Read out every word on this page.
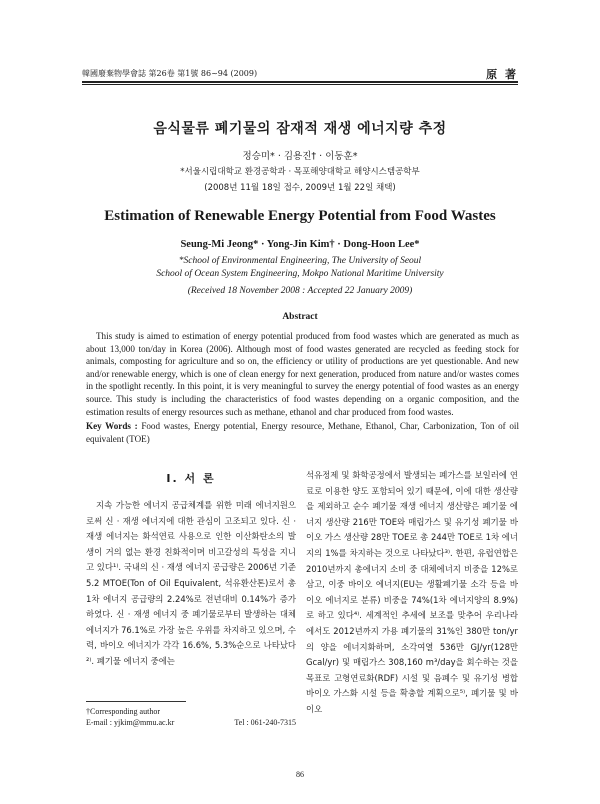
韓國廢棄物學會誌 第26卷 第1號 86~94 (2009)	原 著
음식물류 폐기물의 잠재적 재생 에너지량 추정
정승미* · 김용진† · 이동훈*
*서울시립대학교 환경공학과 · 목포해양대학교 해양시스템공학부
(2008년 11월 18일 접수, 2009년 1월 22일 채택)
Estimation of Renewable Energy Potential from Food Wastes
Seung-Mi Jeong* · Yong-Jin Kim† · Dong-Hoon Lee*
*School of Environmental Engineering, The University of Seoul
School of Ocean System Engineering, Mokpo National Maritime University
(Received 18 November 2008 : Accepted 22 January 2009)
Abstract

This study is aimed to estimation of energy potential produced from food wastes which are generated as much as about 13,000 ton/day in Korea (2006). Although most of food wastes generated are recycled as feeding stock for animals, composting for agriculture and so on, the efficiency or utility of productions are yet questionable. And new and/or renewable energy, which is one of clean energy for next generation, produced from nature and/or wastes comes in the spotlight recently. In this point, it is very meaningful to survey the energy potential of food wastes as an energy source. This study is including the characteristics of food wastes depending on a organic composition, and the estimation results of energy resources such as methane, ethanol and char produced from food wastes.

Key Words : Food wastes, Energy potential, Energy resource, Methane, Ethanol, Char, Carbonization, Ton of oil equivalent (TOE)

I. 서 론

지속 가능한 에너지 공급체계를 위한 미래 에너지원으로써 신 · 재생 에너지에 대한 관심이 고조되고 있다. 신 · 재생 에너지는 화석연료 사용으로 인한 이산화탄소의 발생이 거의 없는 환경 친화적이며 비고갈성의 특성을 지니고 있다¹⁾. 국내의 신 · 재생 에너지 공급량은 2006년 기준 5.2 MTOE(Ton of Oil Equivalent, 석유환산톤)로서 총 1차 에너지 공급량의 2.24%로 전년대비 0.14%가 증가하였다. 신 · 재생 에너지 중 폐기물로부터 발생하는 대체 에너지가 76.1%로 가장 높은 우위를 차지하고 있으며, 수력, 바이오 에너지가 각각 16.6%, 5.3%순으로 나타났다²⁾. 폐기물 에너지 중에는

석유정제 및 화학공정에서 발생되는 폐가스를 보일러에 연료로 이용한 양도 포함되어 있기 때문에, 이에 대한 생산량을 제외하고 순수 폐기물 재생 에너지 생산량은 폐기물 에너지 생산량 216만 TOE와 매립가스 및 유기성 폐기물 바이오 가스 생산량 28만 TOE로 총 244만 TOE로 1차 에너지의 1%를 차지하는 것으로 나타났다³⁾. 한편, 유럽연합은 2010년까지 총에너지 소비 중 대체에너지 비중을 12%로 삼고, 이중 바이오 에너지(EU는 생활폐기물 소각 등을 바이오 에너지로 분류) 비중을 74%(1차 에너지양의 8.9%)로 하고 있다⁴⁾. 세계적인 추세에 보조를 맞추어 우리나라에서도 2012년까지 가용 폐기물의 31%인 380만 ton/yr의 양을 에너지화하며, 소각여열 536만 GJ/yr(128만 Gcal/yr) 및 매립가스 308,160 m³/day을 회수하는 것을 목표로 고형연료화(RDF) 시설 및 음폐수 및 유기성 병합 바이오 가스화 시설 등을 확충할 계획으로⁵⁾, 폐기물 및 바이오

†Corresponding author
E-mail : yjkim@mmu.ac.kr	Tel : 061-240-7315
86
